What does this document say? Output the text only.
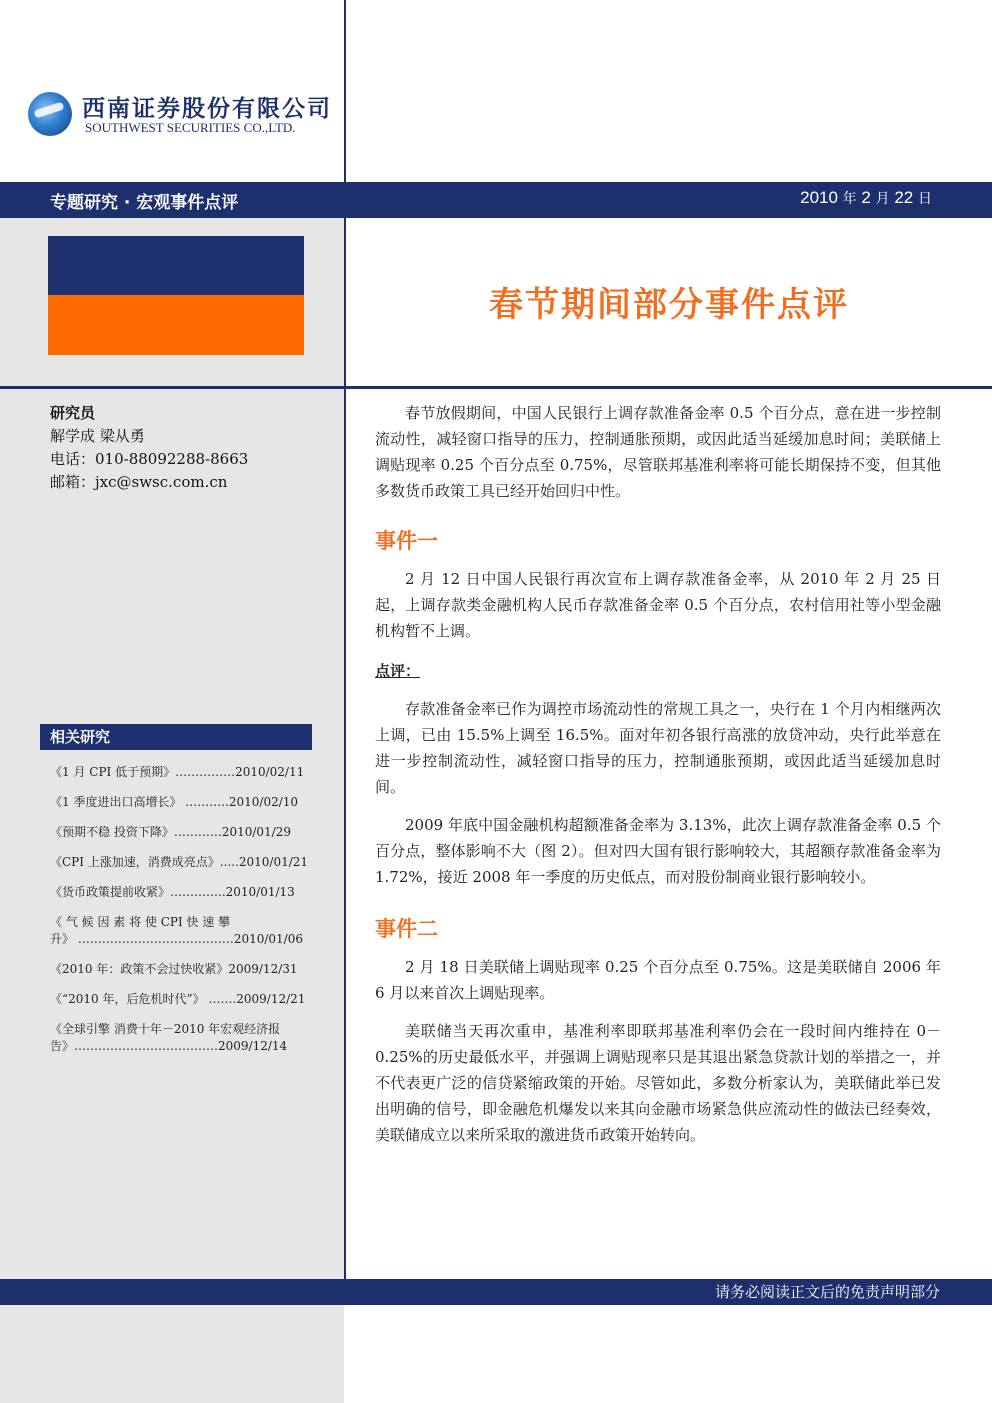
西南证券股份有限公司
SOUTHWEST SECURITIES CO.,LTD.
专题研究 · 宏观事件点评	2010 年 2 月 22 日
春节期间部分事件点评
研究员
解学成 梁从勇
电话：010-88092288-8663
邮箱：jxc@swsc.com.cn
相关研究
《1 月 CPI 低于预期》……………2010/02/11
《1 季度进出口高增长》 ………..2010/02/10
《预期不稳 投资下降》…………2010/01/29
《CPI 上涨加速，消费成亮点》.....2010/01/21
《货币政策提前收紧》…………..2010/01/13
《 气 候 因 素 将 使 CPI 快 速 攀
升》 …………………………………2010/01/06
《2010 年：政策不会过快收紧》2009/12/31
《“2010 年，后危机时代”》 …….2009/12/21
《全球引擎 消费十年－2010 年宏观经济报
告》………………………………2009/12/14

春节放假期间，中国人民银行上调存款准备金率 0.5 个百分点，意在进一步控制流动性，减轻窗口指导的压力，控制通胀预期，或因此适当延缓加息时间；美联储上调贴现率 0.25 个百分点至 0.75%，尽管联邦基准利率将可能长期保持不变，但其他多数货币政策工具已经开始回归中性。

事件一

2 月 12 日中国人民银行再次宣布上调存款准备金率，从 2010 年 2 月 25 日起，上调存款类金融机构人民币存款准备金率 0.5 个百分点，农村信用社等小型金融机构暂不上调。

点评：

存款准备金率已作为调控市场流动性的常规工具之一，央行在 1 个月内相继两次上调，已由 15.5%上调至 16.5%。面对年初各银行高涨的放贷冲动，央行此举意在进一步控制流动性，减轻窗口指导的压力，控制通胀预期，或因此适当延缓加息时间。

2009 年底中国金融机构超额准备金率为 3.13%，此次上调存款准备金率 0.5 个百分点，整体影响不大（图 2）。但对四大国有银行影响较大，其超额存款准备金率为 1.72%，接近 2008 年一季度的历史低点，而对股份制商业银行影响较小。

事件二

2 月 18 日美联储上调贴现率 0.25 个百分点至 0.75%。这是美联储自 2006 年 6 月以来首次上调贴现率。

美联储当天再次重申，基准利率即联邦基准利率仍会在一段时间内维持在 0－0.25%的历史最低水平，并强调上调贴现率只是其退出紧急贷款计划的举措之一，并不代表更广泛的信贷紧缩政策的开始。尽管如此，多数分析家认为，美联储此举已发出明确的信号，即金融危机爆发以来其向金融市场紧急供应流动性的做法已经奏效，美联储成立以来所采取的激进货币政策开始转向。

请务必阅读正文后的免责声明部分
